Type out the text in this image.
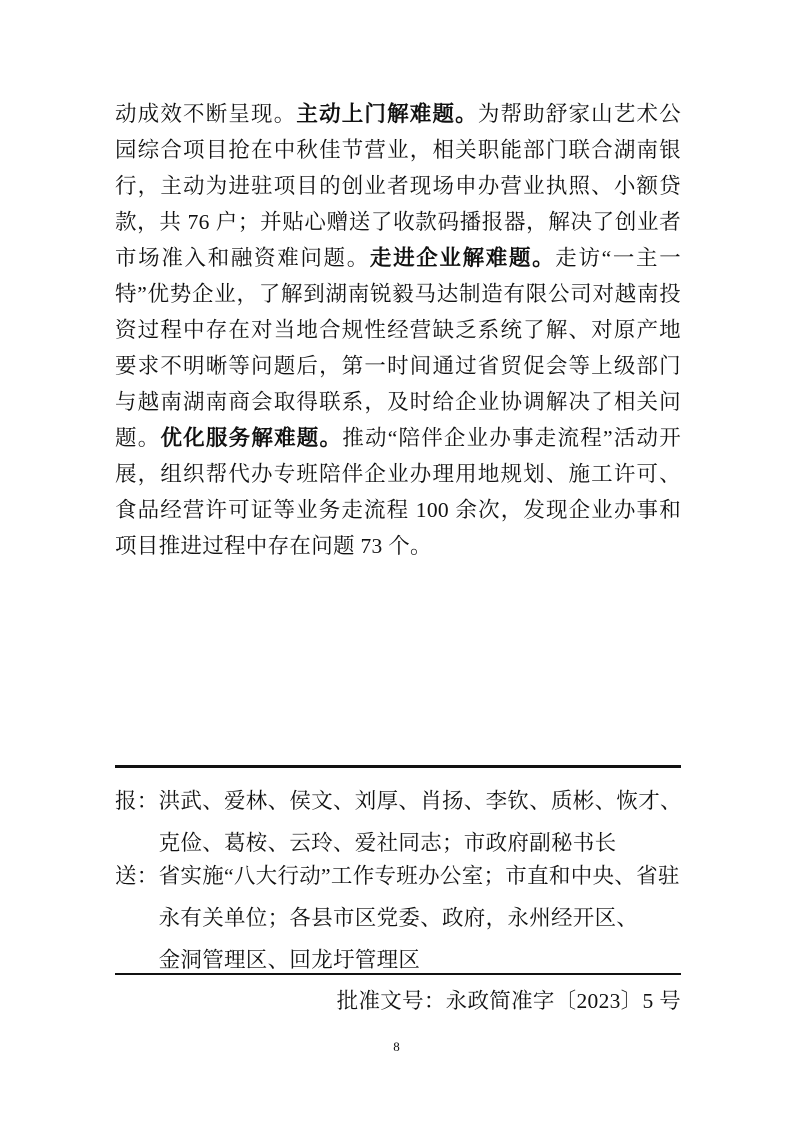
动成效不断呈现。主动上门解难题。为帮助舒家山艺术公园综合项目抢在中秋佳节营业，相关职能部门联合湖南银行，主动为进驻项目的创业者现场申办营业执照、小额贷款，共 76 户；并贴心赠送了收款码播报器，解决了创业者市场准入和融资难问题。走进企业解难题。走访“一主一特”优势企业，了解到湖南锐毅马达制造有限公司对越南投资过程中存在对当地合规性经营缺乏系统了解、对原产地要求不明晰等问题后，第一时间通过省贸促会等上级部门与越南湖南商会取得联系，及时给企业协调解决了相关问题。优化服务解难题。推动“陪伴企业办事走流程”活动开展，组织帮代办专班陪伴企业办理用地规划、施工许可、食品经营许可证等业务走流程 100 余次，发现企业办事和项目推进过程中存在问题 73 个。
报： 洪武、爱林、侯文、刘厚、肖扬、李钦、质彬、恢才、
克俭、葛桉、云玲、爱社同志；市政府副秘书长
送： 省实施“八大行动”工作专班办公室；市直和中央、省驻
永有关单位；各县市区党委、政府，永州经开区、
金洞管理区、回龙圩管理区
批准文号：永政简准字〔2023〕5 号
8
